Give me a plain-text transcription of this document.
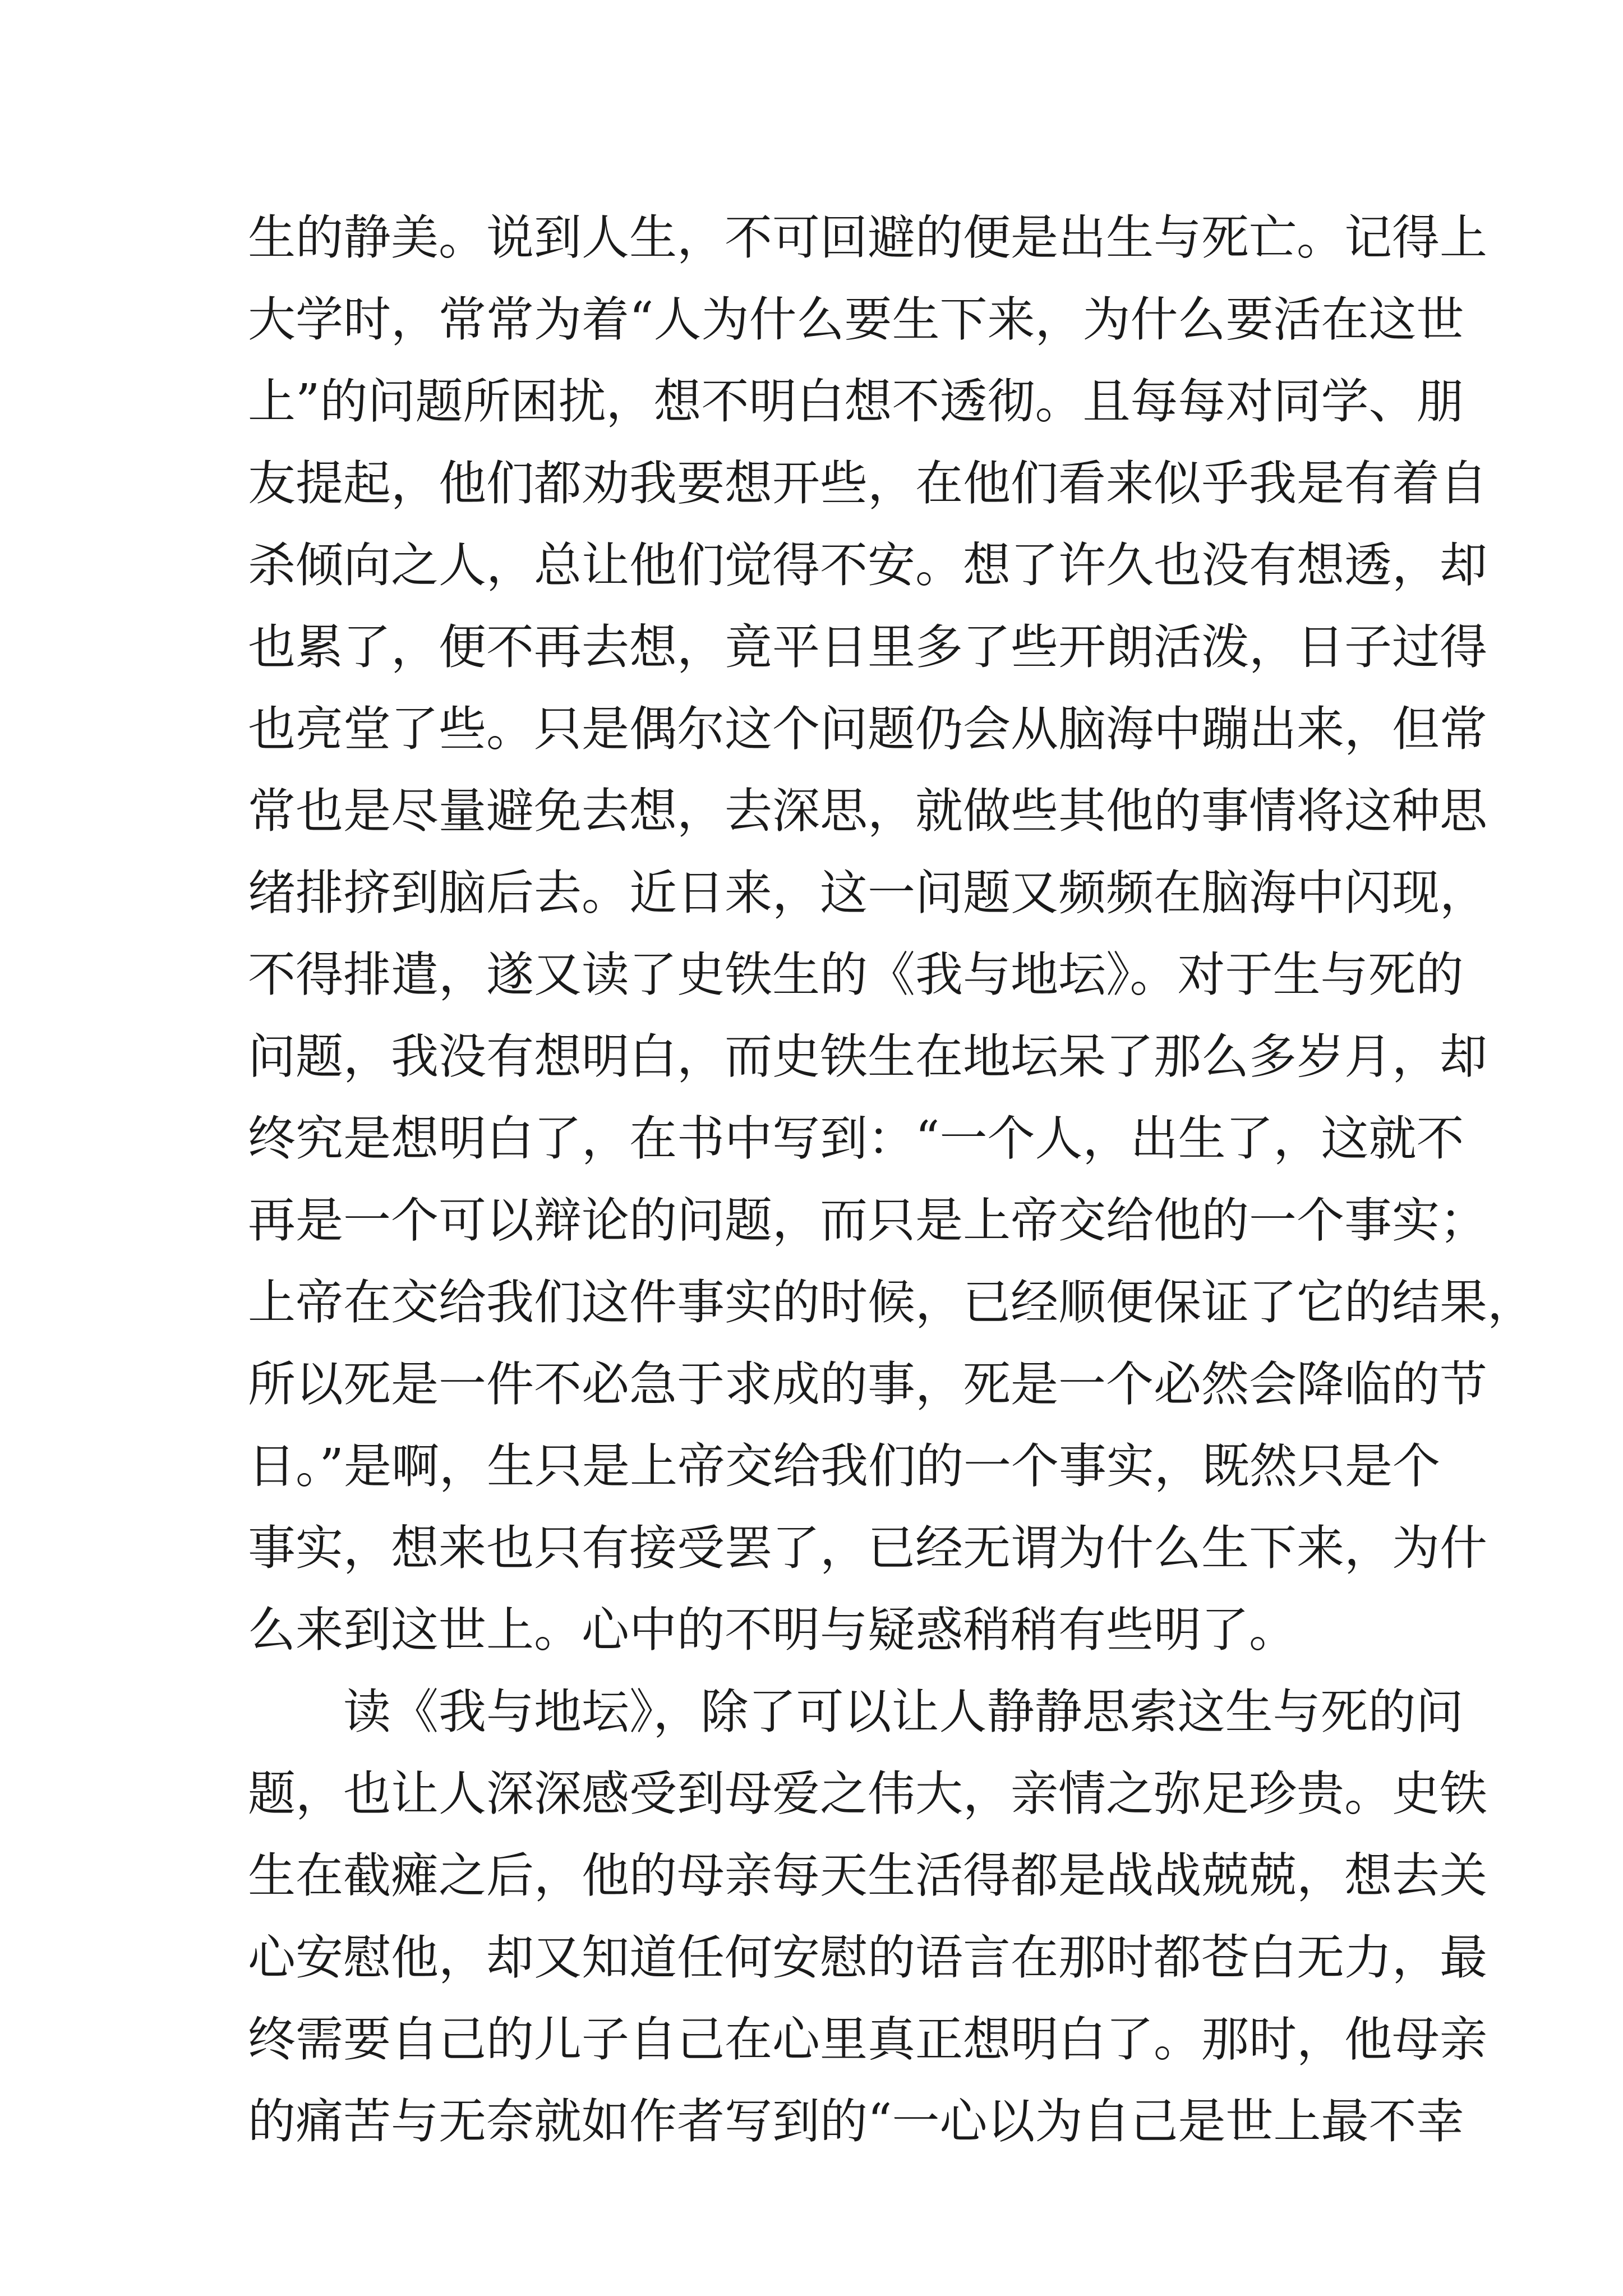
生的静美。说到人生，不可回避的便是出生与死亡。记得上
大学时，常常为着“人为什么要生下来，为什么要活在这世
上”的问题所困扰，想不明白想不透彻。且每每对同学、朋
友提起，他们都劝我要想开些，在他们看来似乎我是有着自
杀倾向之人，总让他们觉得不安。想了许久也没有想透，却
也累了，便不再去想，竟平日里多了些开朗活泼，日子过得
也亮堂了些。只是偶尔这个问题仍会从脑海中蹦出来，但常
常也是尽量避免去想，去深思，就做些其他的事情将这种思
绪排挤到脑后去。近日来，这一问题又频频在脑海中闪现，
不得排遣，遂又读了史铁生的《我与地坛》。对于生与死的
问题，我没有想明白，而史铁生在地坛呆了那么多岁月，却
终究是想明白了，在书中写到：“一个人，出生了，这就不
再是一个可以辩论的问题，而只是上帝交给他的一个事实；
上帝在交给我们这件事实的时候，已经顺便保证了它的结果，
所以死是一件不必急于求成的事，死是一个必然会降临的节
日。”是啊，生只是上帝交给我们的一个事实，既然只是个
事实，想来也只有接受罢了，已经无谓为什么生下来，为什
么来到这世上。心中的不明与疑惑稍稍有些明了。
读《我与地坛》，除了可以让人静静思索这生与死的问
题，也让人深深感受到母爱之伟大，亲情之弥足珍贵。史铁
生在截瘫之后，他的母亲每天生活得都是战战兢兢，想去关
心安慰他，却又知道任何安慰的语言在那时都苍白无力，最
终需要自己的儿子自己在心里真正想明白了。那时，他母亲
的痛苦与无奈就如作者写到的“一心以为自己是世上最不幸
